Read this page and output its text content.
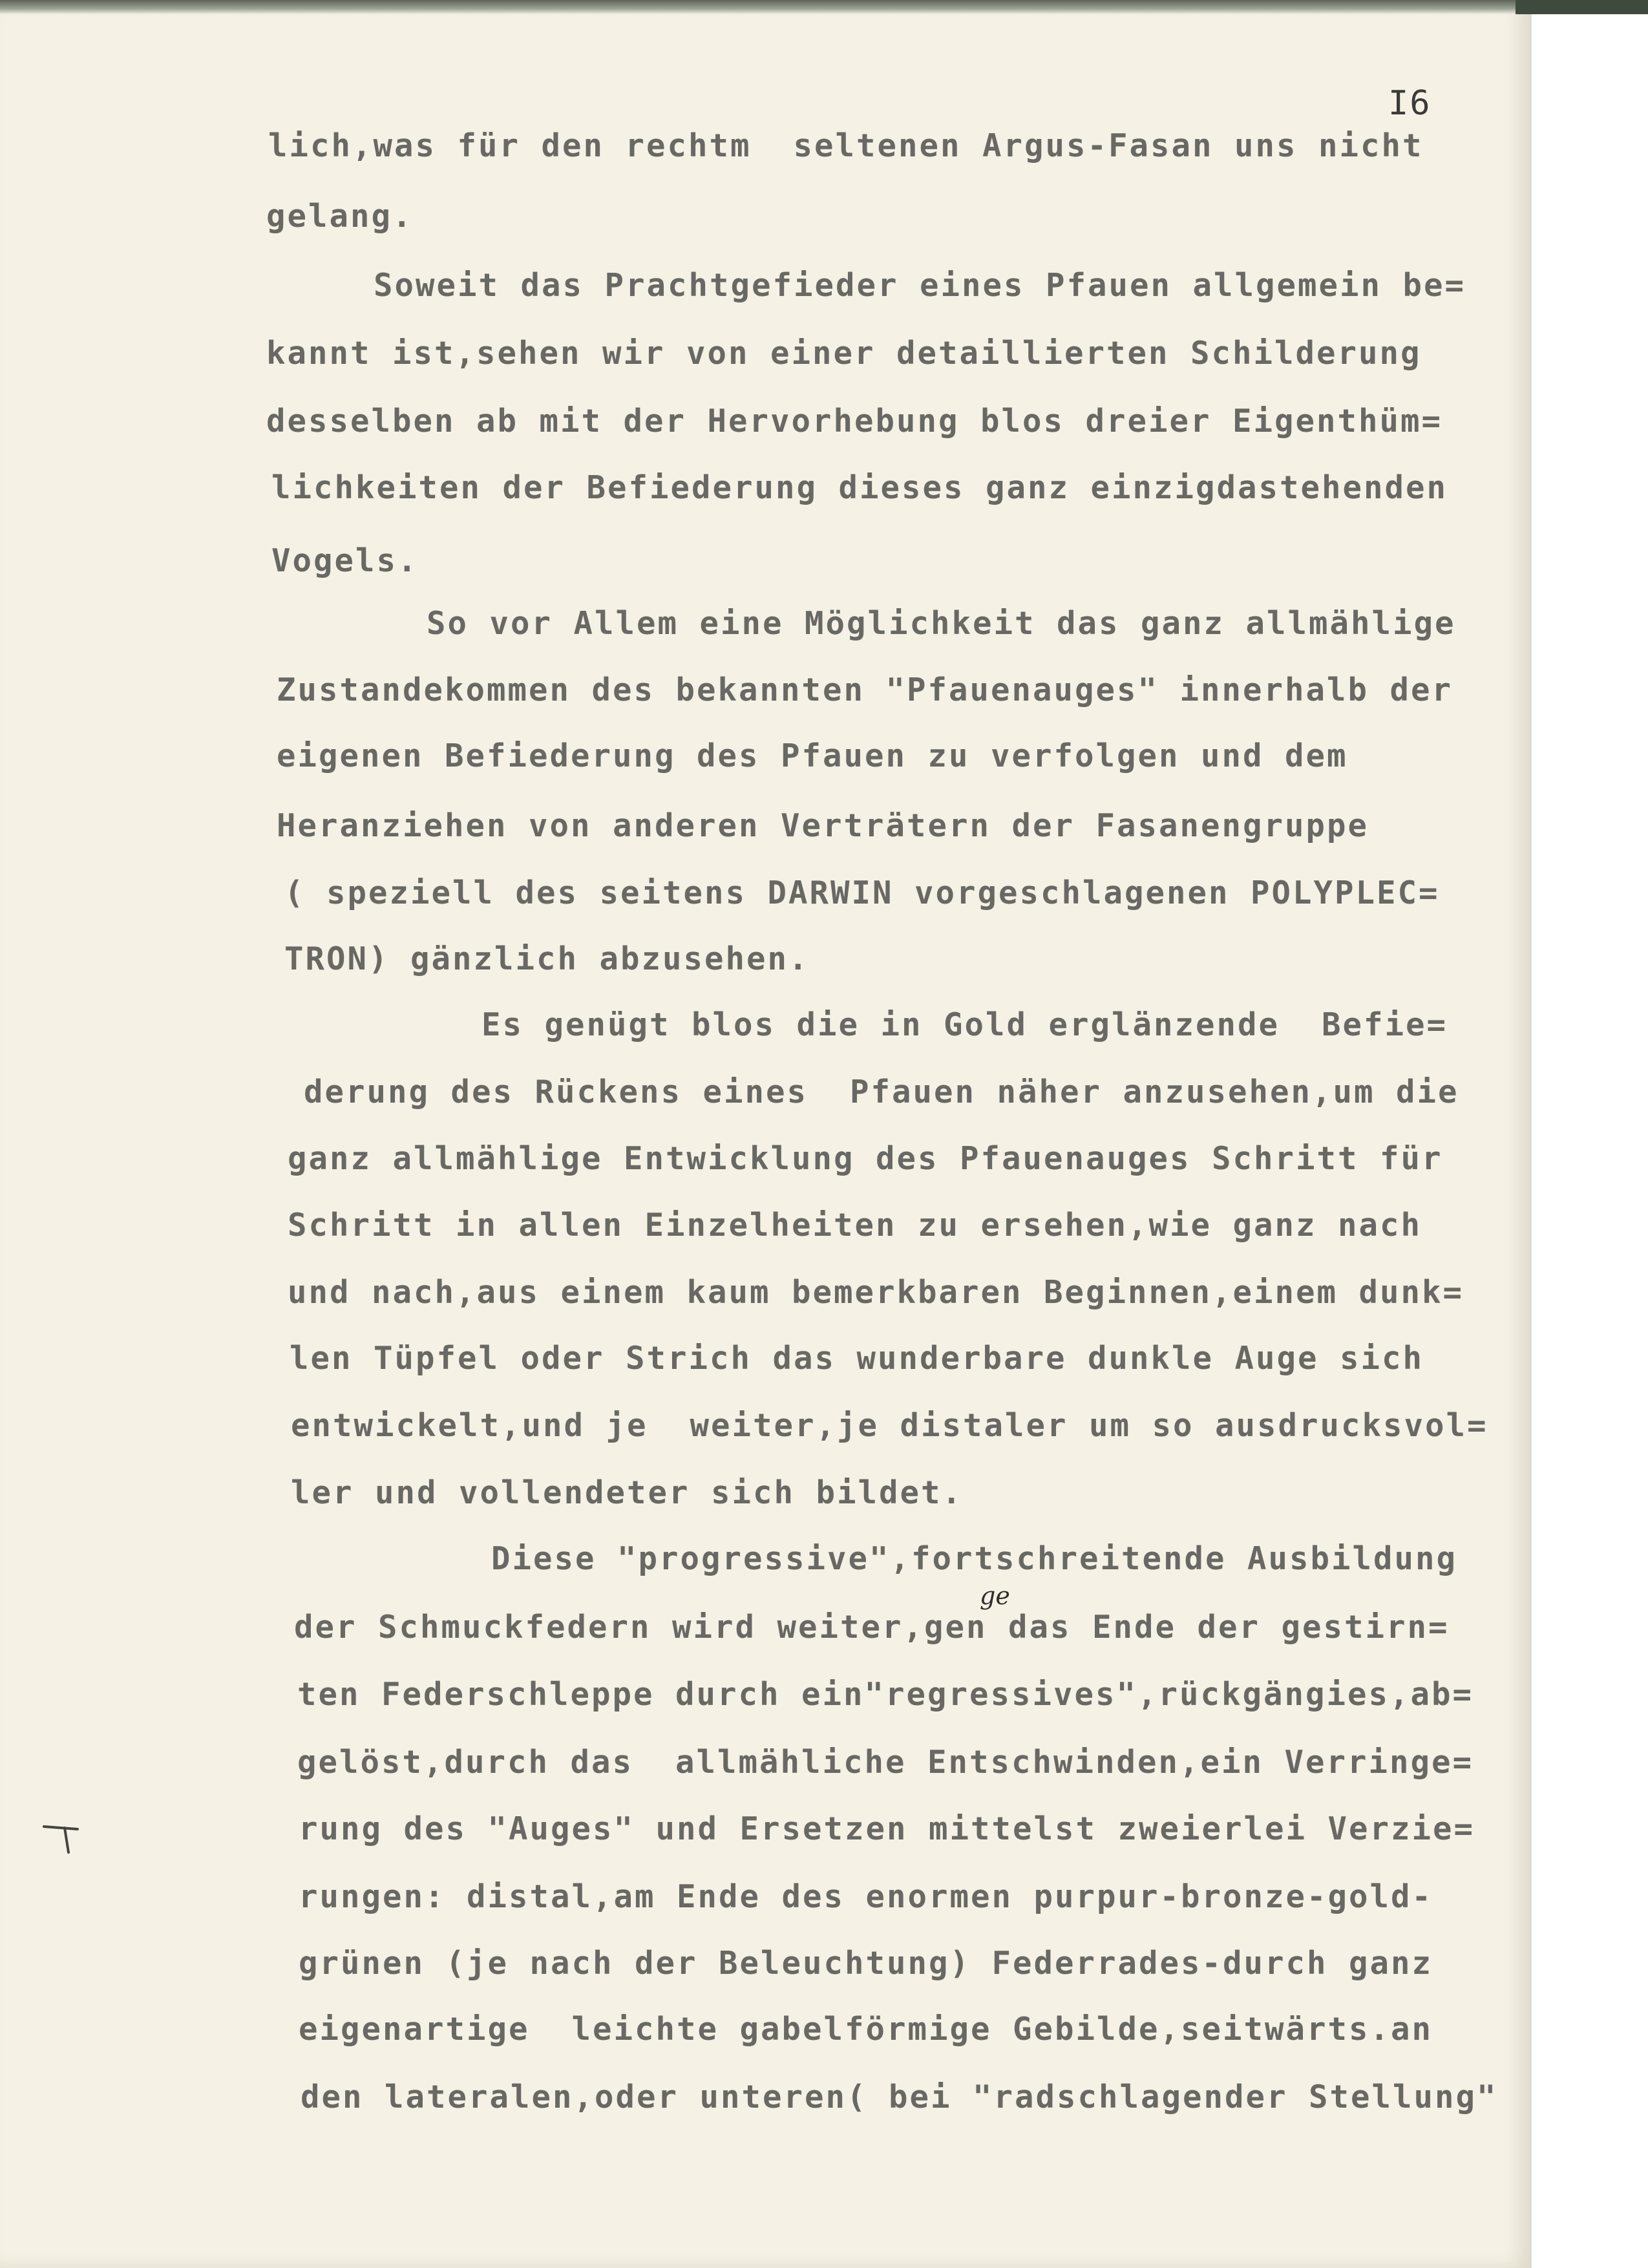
I6
lich,was für den rechtm  seltenen Argus-Fasan uns nicht
gelang.
Soweit das Prachtgefieder eines Pfauen allgemein be=
kannt ist,sehen wir von einer detaillierten Schilderung
desselben ab mit der Hervorhebung blos dreier Eigenthüm=
lichkeiten der Befiederung dieses ganz einzigdastehenden
Vogels.
So vor Allem eine Möglichkeit das ganz allmählige
Zustandekommen des bekannten "Pfauenauges" innerhalb der
eigenen Befiederung des Pfauen zu verfolgen und dem
Heranziehen von anderen Verträtern der Fasanengruppe
( speziell des seitens DARWIN vorgeschlagenen POLYPLEC=
TRON) gänzlich abzusehen.
Es genügt blos die in Gold erglänzende  Befie=
derung des Rückens eines  Pfauen näher anzusehen,um die
ganz allmählige Entwicklung des Pfauenauges Schritt für
Schritt in allen Einzelheiten zu ersehen,wie ganz nach
und nach,aus einem kaum bemerkbaren Beginnen,einem dunk=
len Tüpfel oder Strich das wunderbare dunkle Auge sich
entwickelt,und je  weiter,je distaler um so ausdrucksvol=
ler und vollendeter sich bildet.
Diese "progressive",fortschreitende Ausbildung
der Schmuckfedern wird weiter,gen das Ende der gestirn=
ten Federschleppe durch ein"regressives",rückgängies,ab=
gelöst,durch das  allmähliche Entschwinden,ein Verringe=
rung des "Auges" und Ersetzen mittelst zweierlei Verzie=
rungen: distal,am Ende des enormen purpur-bronze-gold-
grünen (je nach der Beleuchtung) Federrades-durch ganz
eigenartige  leichte gabelförmige Gebilde,seitwärts.an
den lateralen,oder unteren( bei "radschlagender Stellung"
ge
